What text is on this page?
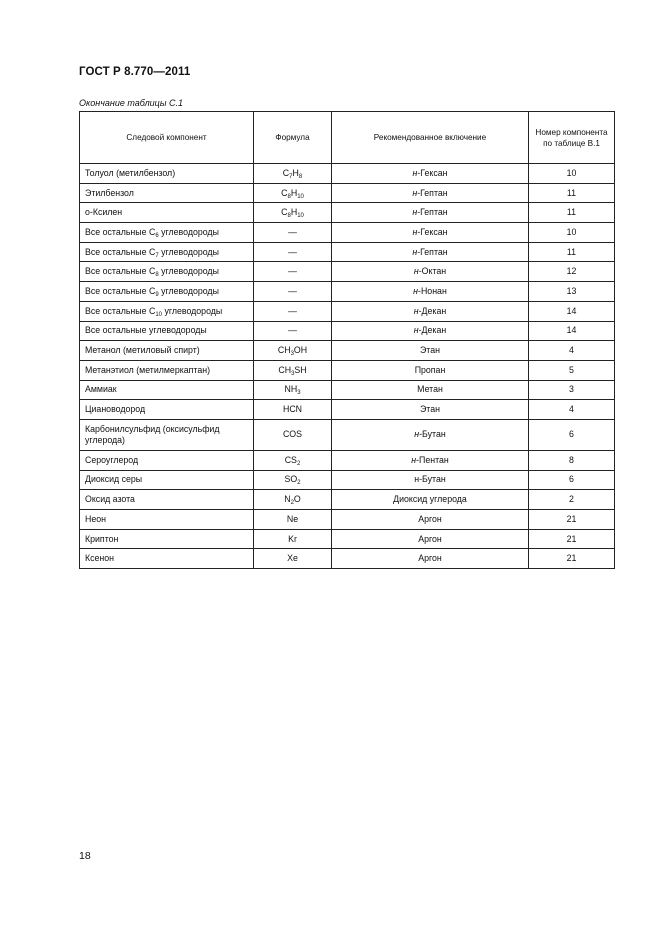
ГОСТ Р 8.770—2011
Окончание таблицы С.1
Следовой компонент	Формула	Рекомендованное включение	Номер компонента по таблице В.1
Толуол (метилбензол)	$C_7H_8$	н-Гексан	10
Этилбензол	$C_8H_{10}$	н-Гептан	11
о-Ксилен	$C_8H_{10}$	н-Гептан	11
Все остальные $C_6$ углеводороды	—	н-Гексан	10
Все остальные $C_7$ углеводороды	—	н-Гептан	11
Все остальные $C_8$ углеводороды	—	н-Октан	12
Все остальные $C_9$ углеводороды	—	н-Нонан	13
Все остальные $C_{10}$ углеводороды	—	н-Декан	14
Все остальные углеводороды	—	н-Декан	14
Метанол (метиловый спирт)	$CH_3OH$	Этан	4
Метанэтиол (метилмеркаптан)	$CH_3SH$	Пропан	5
Аммиак	$NH_3$	Метан	3
Циановодород	HCN	Этан	4
Карбонилсульфид (оксисульфид углерода)	COS	н-Бутан	6
Сероуглерод	$CS_2$	н-Пентан	8
Диоксид серы	$SO_2$	н-Бутан	6
Оксид азота	$N_2O$	Диоксид углерода	2
Неон	Ne	Аргон	21
Криптон	Kr	Аргон	21
Ксенон	Xe	Аргон	21
18
